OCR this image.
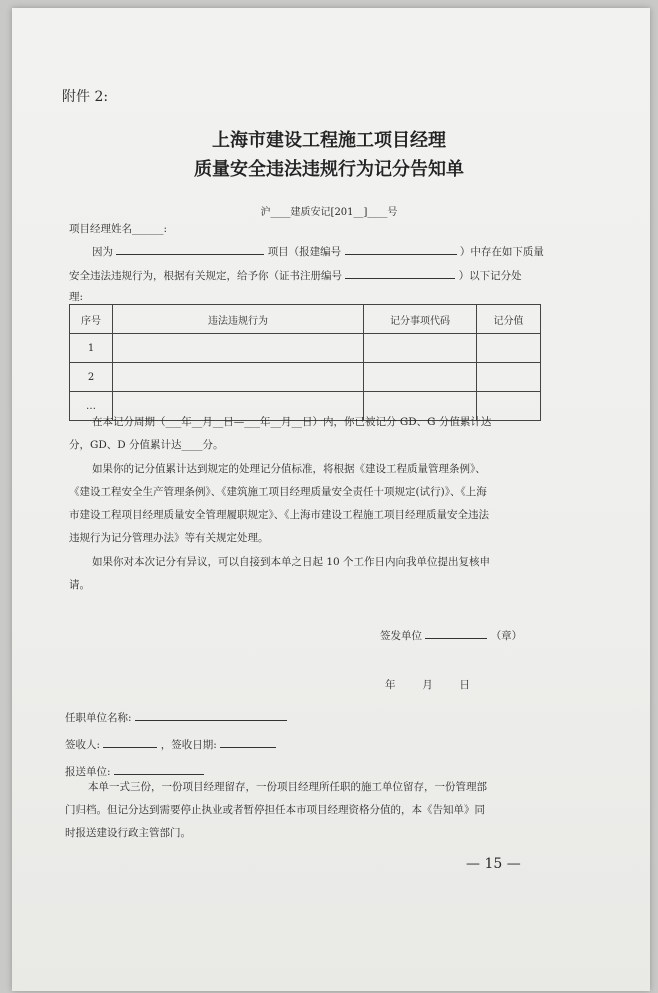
附件 2:
上海市建设工程施工项目经理
质量安全违法违规行为记分告知单
沪____建质安记[201__]____号
项目经理姓名______:
因为	项目（报建编号	）中存在如下质量
安全违法违规行为，根据有关规定，给予你（证书注册编号	）以下记分处
理:
序号	违法违规行为	记分事项代码	记分值
1			
2			
…			
在本记分周期（___年__月__日—___年__月__日）内，你已被记分 GD、G 分值累计达
分，GD、D 分值累计达____分。
如果你的记分值累计达到规定的处理记分值标准，将根据《建设工程质量管理条例》、
《建设工程安全生产管理条例》、《建筑施工项目经理质量安全责任十项规定(试行)》、《上海
市建设工程项目经理质量安全管理履职规定》、《上海市建设工程施工项目经理质量安全违法
违规行为记分管理办法》等有关规定处理。
如果你对本次记分有异议，可以自接到本单之日起 10 个工作日内向我单位提出复核申
请。
签发单位	（章）
年        月        日
任职单位名称:
签收人:	，签收日期:
报送单位:
本单一式三份，一份项目经理留存，一份项目经理所任职的施工单位留存，一份管理部
门归档。但记分达到需要停止执业或者暂停担任本市项目经理资格分值的，本《告知单》同
时报送建设行政主管部门。
— 15 —
